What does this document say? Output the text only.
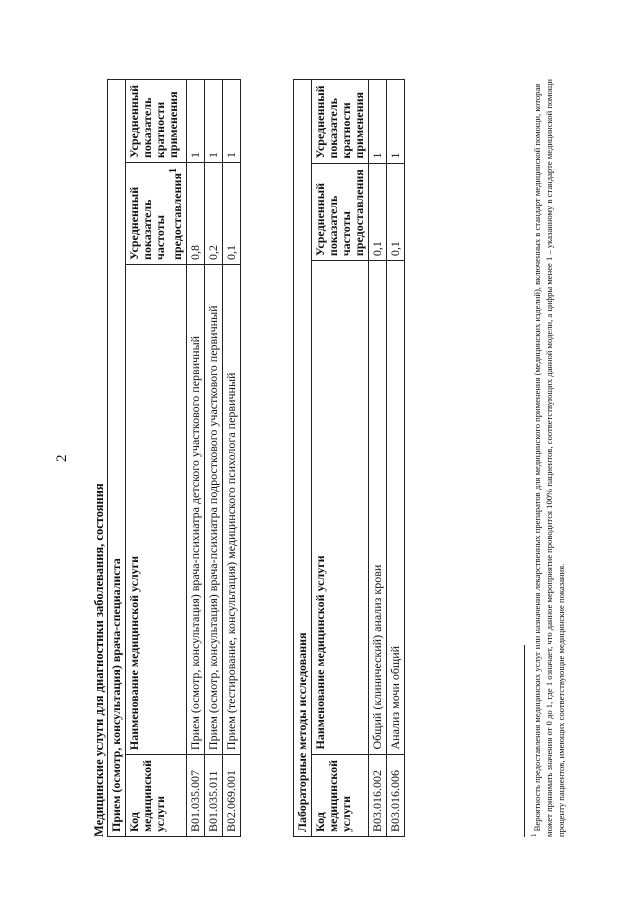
2
Медицинские услуги для диагностики заболевания, состояния Прием (осмотр, консультация) врача-специалиста			
Код медицинской услуги	Наименование медицинской услуги	Усредненный показатель частоты предоставления$^1$	Усредненный показатель кратности применения
B01.035.007	Прием (осмотр, консультация) врача-психиатра детского участкового первичный	0,8	1
B01.035.011	Прием (осмотр, консультация) врача-психиатра подросткового участкового первичный	0,2	1
B02.069.001	Прием (тестирование, консультация) медицинского психолога первичный	0,1	1
Лабораторные методы исследования			
Код медицинской услуги	Наименование медицинской услуги	Усредненный показатель частоты предоставления	Усредненный показатель кратности применения
B03.016.002	Общий (клинический) анализ крови	0,1	1
B03.016.006	Анализ мочи общий	0,1	1
$^1$ Вероятность предоставления медицинских услуг или назначения лекарственных препаратов для медицинского применения (медицинских изделий), включенных в стандарт медицинской помощи, которая может принимать значения от 0 до 1, где 1 означает, что данное мероприятие проводится 100% пациентов, соответствующих данной модели, а цифры менее 1 – указанному в стандарте медицинской помощи проценту пациентов, имеющих соответствующие медицинские показания.
